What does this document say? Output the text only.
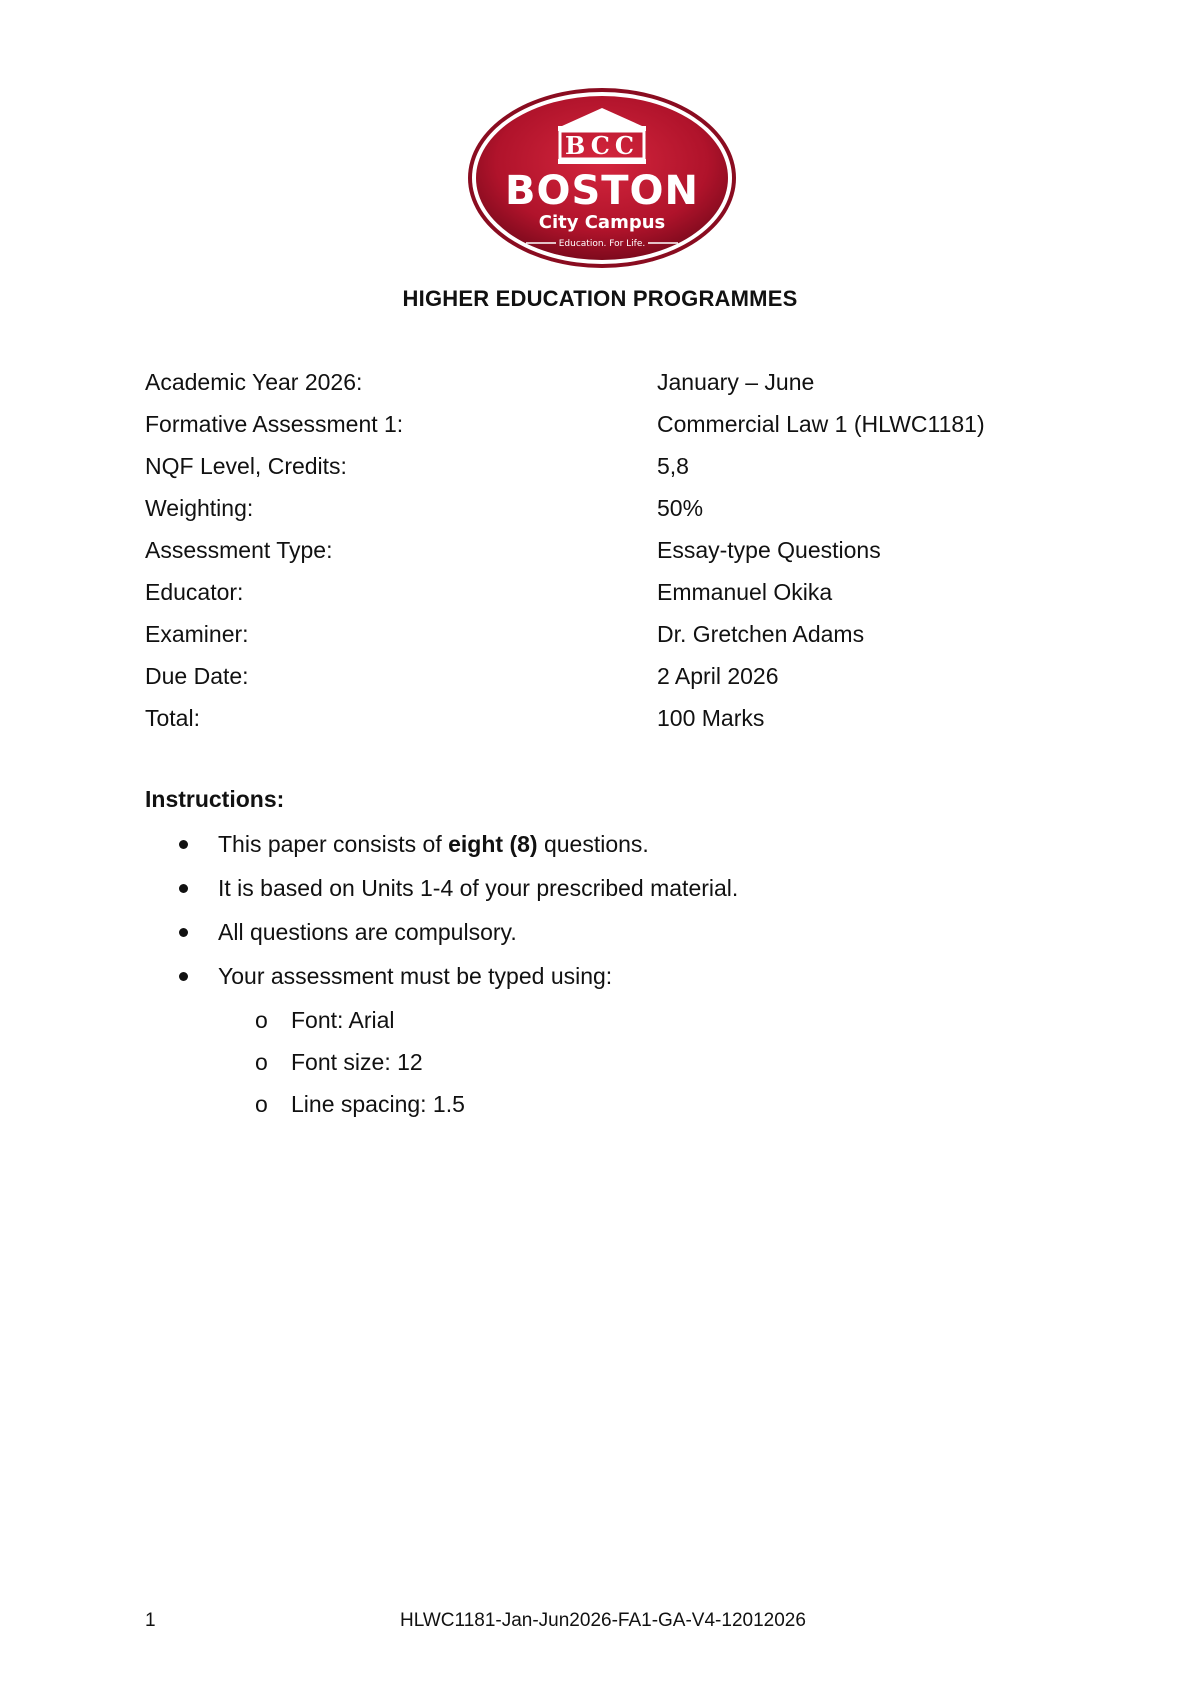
BCC
BOSTON
City Campus
Education. For Life.
HIGHER EDUCATION PROGRAMMES
Academic Year 2026:	January – June
Formative Assessment 1:	Commercial Law 1 (HLWC1181)
NQF Level, Credits:	5,8
Weighting:	50%
Assessment Type:	Essay-type Questions
Educator:	Emmanuel Okika
Examiner:	Dr. Gretchen Adams
Due Date:	2 April 2026
Total:	100 Marks
Instructions:
This paper consists of eight (8) questions.
It is based on Units 1-4 of your prescribed material.
All questions are compulsory.
Your assessment must be typed using:
o Font: Arial
o Font size: 12
o Line spacing: 1.5
1	HLWC1181-Jan-Jun2026-FA1-GA-V4-12012026
